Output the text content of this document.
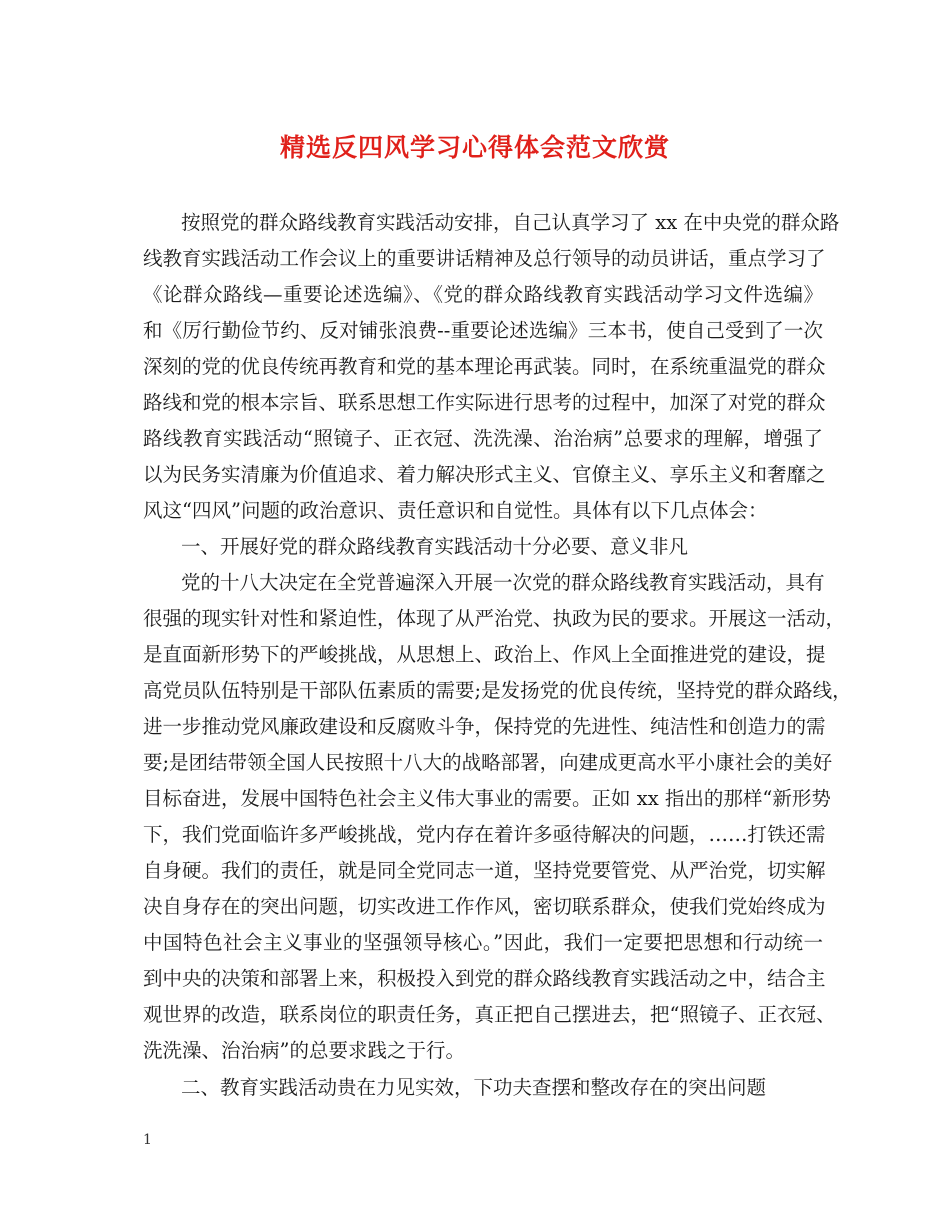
精选反四风学习心得体会范文欣赏
按照党的群众路线教育实践活动安排，自己认真学习了 xx 在中央党的群众路
线教育实践活动工作会议上的重要讲话精神及总行领导的动员讲话，重点学习了
《论群众路线—重要论述选编》、《党的群众路线教育实践活动学习文件选编》
和《厉行勤俭节约、反对铺张浪费--重要论述选编》三本书，使自己受到了一次
深刻的党的优良传统再教育和党的基本理论再武装。同时，在系统重温党的群众
路线和党的根本宗旨、联系思想工作实际进行思考的过程中，加深了对党的群众
路线教育实践活动“照镜子、正衣冠、洗洗澡、治治病”总要求的理解，增强了
以为民务实清廉为价值追求、着力解决形式主义、官僚主义、享乐主义和奢靡之
风这“四风”问题的政治意识、责任意识和自觉性。具体有以下几点体会：
一、开展好党的群众路线教育实践活动十分必要、意义非凡
党的十八大决定在全党普遍深入开展一次党的群众路线教育实践活动，具有
很强的现实针对性和紧迫性，体现了从严治党、执政为民的要求。开展这一活动，
是直面新形势下的严峻挑战，从思想上、政治上、作风上全面推进党的建设，提
高党员队伍特别是干部队伍素质的需要;是发扬党的优良传统，坚持党的群众路线，
进一步推动党风廉政建设和反腐败斗争，保持党的先进性、纯洁性和创造力的需
要;是团结带领全国人民按照十八大的战略部署，向建成更高水平小康社会的美好
目标奋进，发展中国特色社会主义伟大事业的需要。正如 xx 指出的那样“新形势
下，我们党面临许多严峻挑战，党内存在着许多亟待解决的问题，……打铁还需
自身硬。我们的责任，就是同全党同志一道，坚持党要管党、从严治党，切实解
决自身存在的突出问题，切实改进工作作风，密切联系群众，使我们党始终成为
中国特色社会主义事业的坚强领导核心。”因此，我们一定要把思想和行动统一
到中央的决策和部署上来，积极投入到党的群众路线教育实践活动之中，结合主
观世界的改造，联系岗位的职责任务，真正把自己摆进去，把“照镜子、正衣冠、
洗洗澡、治治病”的总要求践之于行。
二、教育实践活动贵在力见实效，下功夫查摆和整改存在的突出问题
1
